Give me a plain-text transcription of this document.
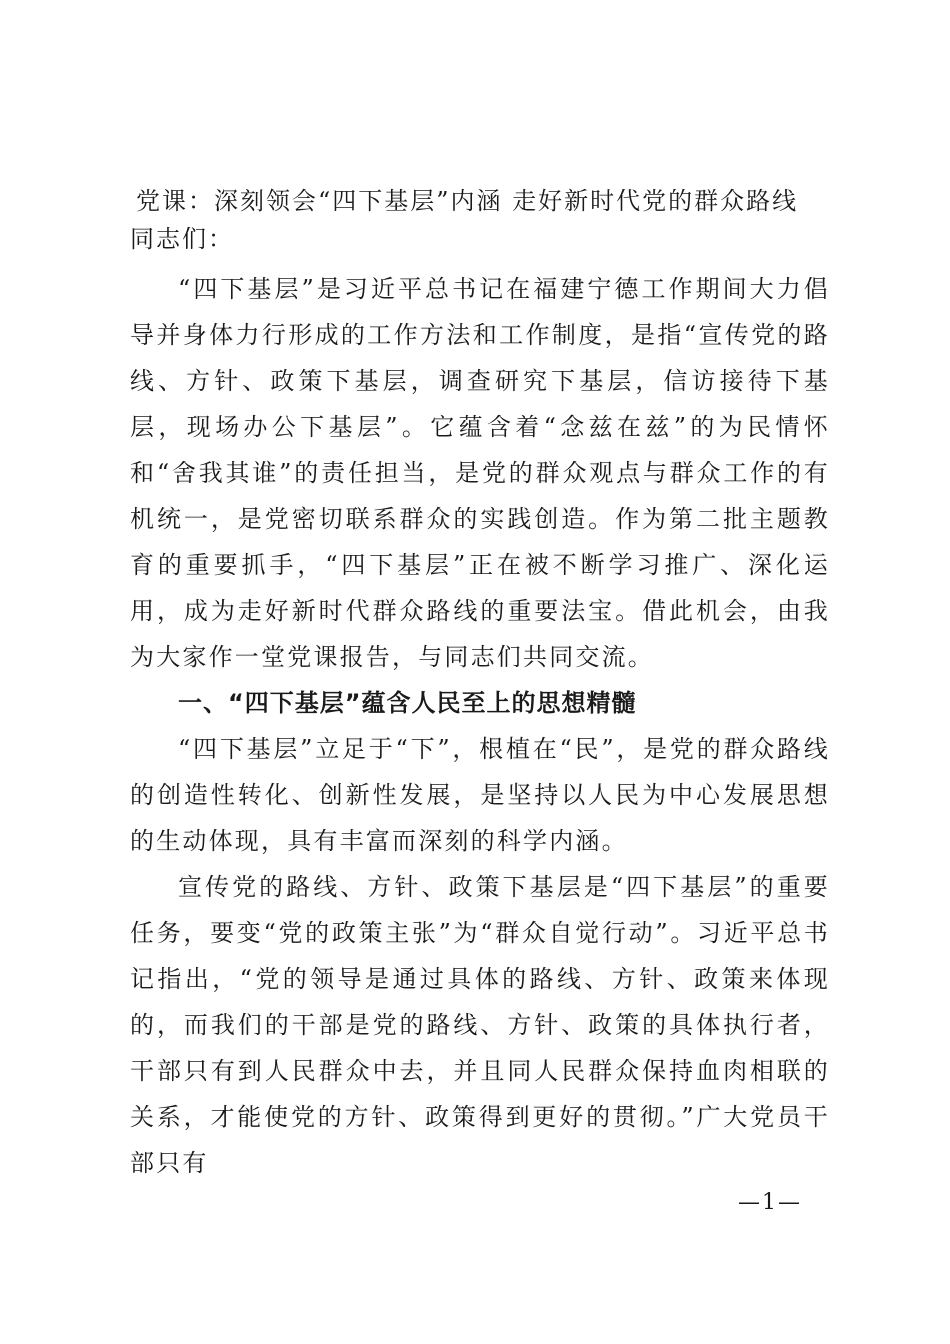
党课：深刻领会“四下基层”内涵 走好新时代党的群众路线

同志们：

“四下基层”是习近平总书记在福建宁德工作期间大力倡导并身体力行形成的工作方法和工作制度，是指“宣传党的路线、方针、政策下基层，调查研究下基层，信访接待下基层，现场办公下基层”。它蕴含着“念兹在兹”的为民情怀和“舍我其谁”的责任担当，是党的群众观点与群众工作的有机统一，是党密切联系群众的实践创造。作为第二批主题教育的重要抓手，“四下基层”正在被不断学习推广、深化运用，成为走好新时代群众路线的重要法宝。借此机会，由我为大家作一堂党课报告，与同志们共同交流。

一、“四下基层”蕴含人民至上的思想精髓

“四下基层”立足于“下”，根植在“民”，是党的群众路线的创造性转化、创新性发展，是坚持以人民为中心发展思想的生动体现，具有丰富而深刻的科学内涵。

宣传党的路线、方针、政策下基层是“四下基层”的重要任务，要变“党的政策主张”为“群众自觉行动”。习近平总书记指出，“党的领导是通过具体的路线、方针、政策来体现的，而我们的干部是党的路线、方针、政策的具体执行者，干部只有到人民群众中去，并且同人民群众保持血肉相联的关系，才能使党的方针、政策得到更好的贯彻。”广大党员干部只有

—1—
